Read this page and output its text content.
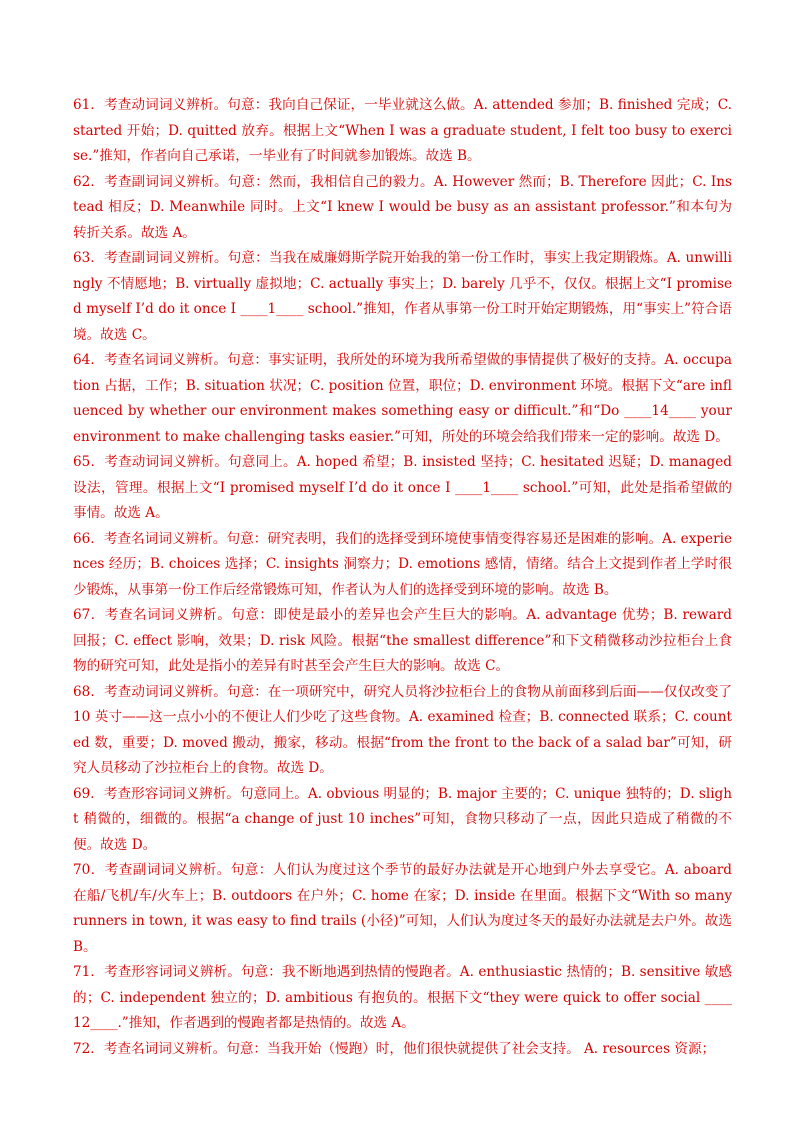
61．考查动词词义辨析。句意：我向自己保证，一毕业就这么做。A. attended 参加；B. finished 完成；C. started 开始；D. quitted 放弃。根据上文“When I was a graduate student, I felt too busy to exercise.”推知，作者向自己承诺，一毕业有了时间就参加锻炼。故选 B。

62．考查副词词义辨析。句意：然而，我相信自己的毅力。A. However 然而；B. Therefore 因此；C. Instead 相反；D. Meanwhile 同时。上文“I knew I would be busy as an assistant professor.”和本句为转折关系。故选 A。

63．考查副词词义辨析。句意：当我在威廉姆斯学院开始我的第一份工作时，事实上我定期锻炼。A. unwillingly 不情愿地；B. virtually 虚拟地；C. actually 事实上；D. barely 几乎不，仅仅。根据上文“I promised myself I’d do it once I ____1____ school.”推知，作者从事第一份工时开始定期锻炼，用“事实上”符合语境。故选 C。

64．考查名词词义辨析。句意：事实证明，我所处的环境为我所希望做的事情提供了极好的支持。A. occupation 占据，工作；B. situation 状况；C. position 位置，职位；D. environment 环境。根据下文“are influenced by whether our environment makes something easy or difficult.”和“Do ____14____ your environment to make challenging tasks easier.”可知，所处的环境会给我们带来一定的影响。故选 D。

65．考查动词词义辨析。句意同上。A. hoped 希望；B. insisted 坚持；C. hesitated 迟疑；D. managed 设法，管理。根据上文“I promised myself I’d do it once I ____1____ school.”可知，此处是指希望做的事情。故选 A。

66．考查名词词义辨析。句意：研究表明，我们的选择受到环境使事情变得容易还是困难的影响。A. experiences 经历；B. choices 选择；C. insights 洞察力；D. emotions 感情，情绪。结合上文提到作者上学时很少锻炼，从事第一份工作后经常锻炼可知，作者认为人们的选择受到环境的影响。故选 B。

67．考查名词词义辨析。句意：即使是最小的差异也会产生巨大的影响。A. advantage 优势；B. reward 回报；C. effect 影响，效果；D. risk 风险。根据“the smallest difference”和下文稍微移动沙拉柜台上食物的研究可知，此处是指小的差异有时甚至会产生巨大的影响。故选 C。

68．考查动词词义辨析。句意：在一项研究中，研究人员将沙拉柜台上的食物从前面移到后面——仅仅改变了 10 英寸——这一点小小的不便让人们少吃了这些食物。A. examined 检查；B. connected 联系；C. counted 数，重要；D. moved 搬动，搬家，移动。根据“from the front to the back of a salad bar”可知，研究人员移动了沙拉柜台上的食物。故选 D。

69．考查形容词词义辨析。句意同上。A. obvious 明显的；B. major 主要的；C. unique 独特的；D. slight 稍微的，细微的。根据“a change of just 10 inches”可知，食物只移动了一点，因此只造成了稍微的不便。故选 D。

70．考查副词词义辨析。句意：人们认为度过这个季节的最好办法就是开心地到户外去享受它。A. aboard 在船/飞机/车/火车上；B. outdoors 在户外；C. home 在家；D. inside 在里面。根据下文“With so many runners in town, it was easy to find trails (小径)”可知，人们认为度过冬天的最好办法就是去户外。故选 B。

71．考查形容词词义辨析。句意：我不断地遇到热情的慢跑者。A. enthusiastic 热情的；B. sensitive 敏感的；C. independent 独立的；D. ambitious 有抱负的。根据下文“they were quick to offer social ____12____.”推知，作者遇到的慢跑者都是热情的。故选 A。

72．考查名词词义辨析。句意：当我开始（慢跑）时，他们很快就提供了社会支持。 A. resources 资源；
